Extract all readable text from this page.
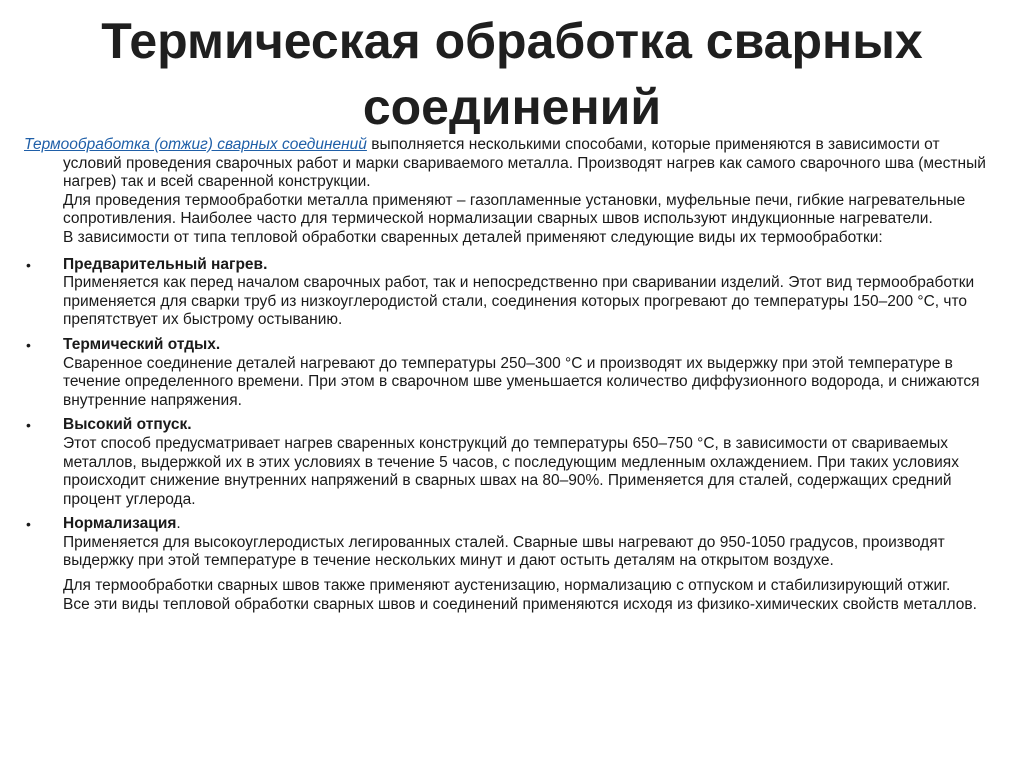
Термическая обработка сварных соединений

Термообработка (отжиг) сварных соединений выполняется несколькими способами, которые применяются в зависимости от условий проведения сварочных работ и марки свариваемого металла. Производят нагрев как самого сварочного шва (местный нагрев) так и всей сваренной конструкции.

Для проведения термообработки металла применяют – газопламенные установки, муфельные печи, гибкие нагревательные сопротивления. Наиболее часто для термической нормализации сварных швов используют индукционные нагреватели.

В зависимости от типа тепловой обработки сваренных деталей применяют следующие виды их термообработки:

• Предварительный нагрев.
Применяется как перед началом сварочных работ, так и непосредственно при сваривании изделий. Этот вид термообработки применяется для сварки труб из низкоуглеродистой стали, соединения которых прогревают до температуры 150–200 °С, что препятствует их быстрому остыванию.
• Термический отдых.
Сваренное соединение деталей нагревают до температуры 250–300 °С и производят их выдержку при этой температуре в течение определенного времени. При этом в сварочном шве уменьшается количество диффузионного водорода, и снижаются внутренние напряжения.
• Высокий отпуск.
Этот способ предусматривает нагрев сваренных конструкций до температуры 650–750 °С, в зависимости от свариваемых металлов, выдержкой их в этих условиях в течение 5 часов, с последующим медленным охлаждением. При таких условиях происходит снижение внутренних напряжений в сварных швах на 80–90%. Применяется для сталей, содержащих средний процент углерода.
• Нормализация.
Применяется для высокоуглеродистых легированных сталей. Сварные швы нагревают до 950-1050 градусов, производят выдержку при этой температуре в течение нескольких минут и дают остыть деталям на открытом воздухе.

Для термообработки сварных швов также применяют аустенизацию, нормализацию с отпуском и стабилизирующий отжиг.

Все эти виды тепловой обработки сварных швов и соединений применяются исходя из физико-химических свойств металлов.
